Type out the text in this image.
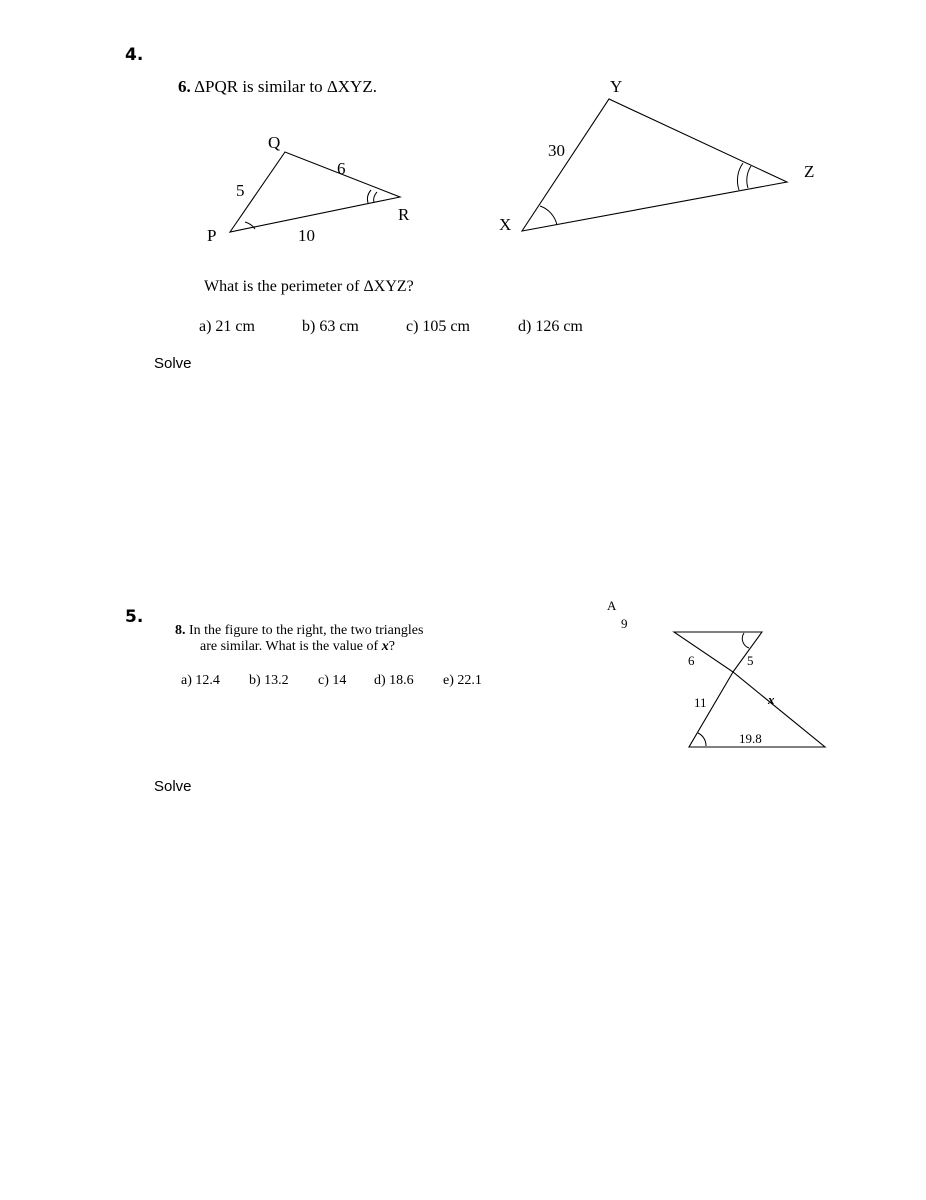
4.
6. ΔPQR is similar to ΔXYZ.
P
Q
R
5
6
10
X
Y
Z
30
What is the perimeter of ΔXYZ?
a) 21 cm	b) 63 cm	c) 105 cm	d) 126 cm
Solve
5.
8. In the figure to the right, the two triangles
are similar. What is the value of x?
a) 12.4 b) 13.2 c) 14 d) 18.6 e) 22.1
A
9
6	5
11
19.8
x
Solve
